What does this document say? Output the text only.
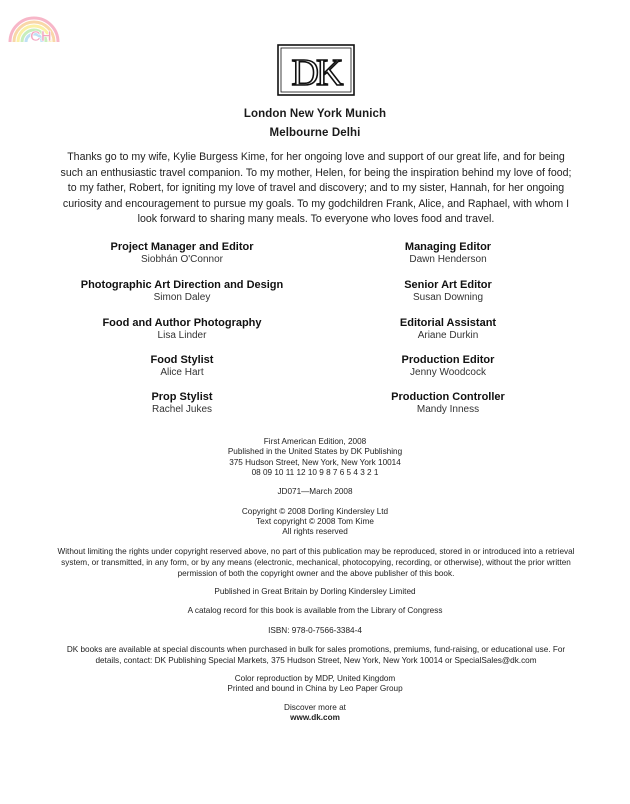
CH
DK
London New York Munich
Melbourne Delhi
Thanks go to my wife, Kylie Burgess Kime, for her ongoing love and support of our great life, and for being such an enthusiastic travel companion. To my mother, Helen, for being the inspiration behind my love of food; to my father, Robert, for igniting my love of travel and discovery; and to my sister, Hannah, for her ongoing curiosity and encouragement to pursue my goals. To my godchildren Frank, Alice, and Raphael, with whom I look forward to sharing many meals. To everyone who loves food and travel.
Project Manager and Editor
Siobhán O'Connor
Photographic Art Direction and Design
Simon Daley
Food and Author Photography
Lisa Linder
Food Stylist
Alice Hart
Prop Stylist
Rachel Jukes
Managing Editor
Dawn Henderson
Senior Art Editor
Susan Downing
Editorial Assistant
Ariane Durkin
Production Editor
Jenny Woodcock
Production Controller
Mandy Inness
First American Edition, 2008
Published in the United States by DK Publishing
375 Hudson Street, New York, New York 10014
08 09 10 11 12 10 9 8 7 6 5 4 3 2 1
JD071—March 2008
Copyright © 2008 Dorling Kindersley Ltd
Text copyright © 2008 Tom Kime
All rights reserved
Without limiting the rights under copyright reserved above, no part of this publication may be reproduced, stored in or introduced into a retrieval system, or transmitted, in any form, or by any means (electronic, mechanical, photocopying, recording, or otherwise), without the prior written permission of both the copyright owner and the above publisher of this book.
Published in Great Britain by Dorling Kindersley Limited
A catalog record for this book is available from the Library of Congress
ISBN: 978-0-7566-3384-4
DK books are available at special discounts when purchased in bulk for sales promotions, premiums, fund-raising, or educational use. For details, contact: DK Publishing Special Markets, 375 Hudson Street, New York, New York 10014 or SpecialSales@dk.com
Color reproduction by MDP, United Kingdom
Printed and bound in China by Leo Paper Group
Discover more at
www.dk.com
